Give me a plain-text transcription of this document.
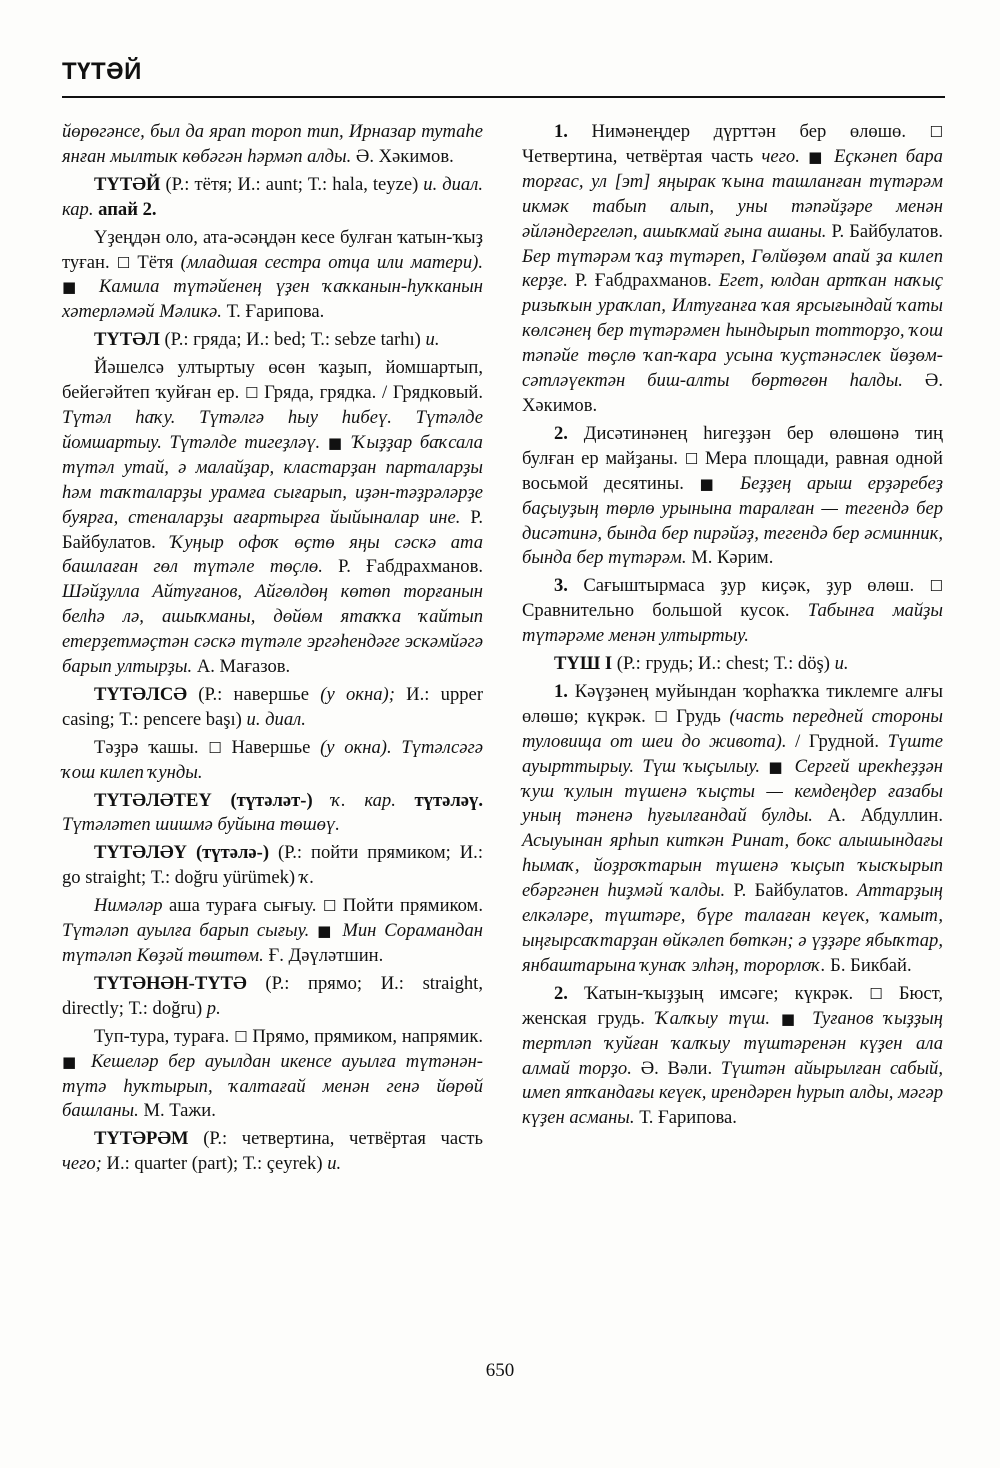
ТҮТӘЙ

йөрөгәнсе, был да ярап тороп тип, Ирназар тутаһе янған мылтык көбәгән һәрмәп алды. Ә. Хәкимов.

ТҮТӘЙ (Р.: тётя; И.: aunt; Т.: hala, teyze) и. диал. кар. апай 2.

Үҙеңдән оло, ата-әсәңдән кесе булған ҡатын-ҡыҙ туған. ☐ Тётя (младшая сестра отца или матери). ■ Камила түтәйенең үҙен ҡаҡканын-һуҡканын хәтерләмәй Мәликә. Т. Ғарипова.

ТҮТӘЛ (Р.: гряда; И.: bed; Т.: sebze tarhı) и.

Йәшелсә ултыртыу өсөн ҡаҙып, йомшартып, бейегәйтеп ҡуйған ер. ☐ Гряда, грядка. / Грядковый. Түтәл һаҡу. Түтәлгә һыу һибеү. Түтәлде йомшартыу. Түтәлде тигеҙләү. ■ Ҡыҙҙар баҡсала түтәл утай, ә малайҙар, кластарҙан парталарҙы һәм таҡталарҙы урамға сығарып, иҙән-тәҙрәләрҙе буярға, стеналарҙы ағартырға йыйыналар ине. Р. Байбулатов. Ҡуңыр офоҡ өҫтө яңы сәскә ата башлаған гөл түтәле төҫлө. Р. Ғабдрахманов. Шәйҙулла Айтуғанов, Айгөлдөң көтөп торғанын белһә лә, ашыҡманы, дөйөм ятаҡҡа ҡайтып етерҙетмәҫтән сәскә түтәле эргәһендәге эскәмйәгә барып ултырҙы. А. Мағазов.

ТҮТӘЛСӘ (Р.: навершье (у окна); И.: upper casing; Т.: pencere başı) и. диал.

Тәҙрә ҡашы. ☐ Навершье (у окна). Түтәлсәгә ҡош килеп ҡунды.

ТҮТӘЛӘТЕҮ (түтәләт-) ҡ. кар. түтәләү. Түтәләтеп шишмә буйына төшөү.

ТҮТӘЛӘҮ (түтәлә-) (Р.: пойти прямиком; И.: go straight; Т.: doğru yürümek) ҡ.

Нимәләр аша тураға сығыу. ☐ Пойти прямиком. Түтәләп ауылға барып сығыу. ■ Мин Сорамандан түтәләп Көҙәй төштөм. Ғ. Дәүләтшин.

ТҮТӘНӘН-ТҮТӘ (Р.: прямо; И.: straight, directly; Т.: doğru) р.

Туп-тура, тураға. ☐ Прямо, прямиком, напрямик. ■ Кешеләр бер ауылдан икенсе ауылға түтәнән-түтә һуҡтырып, ҡалтағай менән генә йөрөй башланы. М. Тажи.

ТҮТӘРӘМ (Р.: четвертина, четвёртая часть чего; И.: quarter (part); Т.: çeyrek) и.

1. Нимәнеңдер дүрттән бер өлөшө. ☐ Четвертина, четвёртая часть чего. ■ Еҫкәнеп бара торғас, ул [эт] яңырак ҡына ташланған түтәрәм икмәк табып алып, уны тәпәйҙәре менән әйләндергеләп, ашыҡмай ғына ашаны. Р. Байбулатов. Бер түтәрәм ҡаҙ түтәреп, Гөлйөҙөм апай ҙа килеп керҙе. Р. Ғабдрахманов. Егет, юлдан артҡан наҡыҫ ризыҡын ураҡлап, Илтуғанға ҡая ярсығындай ҡаты көлсәнең бер түтәрәмен һындырып тотторҙо, ҡош тәпәйе төҫлө ҡап-ҡара усына ҡуҫтәнәслек йөҙөм-сәтләүектән биш-алты бөртөгөн һалды. Ә. Хәкимов.

2. Дисәтинәнең һигеҙҙән бер өлөшөнә тиң булған ер майҙаны. ☐ Мера площади, равная одной восьмой десятины. ■ Беҙҙең арыш ерҙәребеҙ баҫыуҙың төрлө урынына таралған — тегендә бер дисәтинә, бында бер пирәйәҙ, тегендә бер әсминник, бында бер түтәрәм. М. Кәрим.

3. Сағыштырмаса ҙур киҫәк, ҙур өлөш. ☐ Сравнительно большой кусок. Табынға майҙы түтәрәме менән ултыртыу.

ТҮШ I (Р.: грудь; И.: chest; Т.: döş) и.

1. Кәүҙәнең муйындан ҡорһаҡҡа тиклемге алғы өлөшө; күкрәк. ☐ Грудь (часть передней стороны туловища от шеи до живота). / Грудной. Түште ауырттырыу. Түш ҡыҫылыу. ■ Сергей ирекһеҙҙән ҡуш ҡулын түшенә ҡыҫты — кемдеңдер ғазабы уның тәненә һуғылғандай булды. А. Абдуллин. Асыуынан ярһып киткән Ринат, бокс алышындағы һымаҡ, йоҙроҡтарын түшенә ҡыҫып ҡысҡырып ебәргәнен һиҙмәй ҡалды. Р. Байбулатов. Аттарҙың елкәләре, түштәре, бүре талаған кеүек, ҡамыт, ыңғырсаҡтарҙан өйкәлеп бөткән; ә үҙҙәре ябыҡтар, янбаштарына ҡунаҡ элһәң, торорлоҡ. Б. Бикбай.

2. Ҡатын-ҡыҙҙың имсәге; күкрәк. ☐ Бюст, женская грудь. Ҡалҡыу түш. ■ Туғанов ҡыҙҙың тертләп ҡуйған ҡалҡыу түштәренән күҙен ала алмай торҙо. Ә. Вәли. Түштән айырылған сабый, имеп ятҡандағы кеүек, ирендәрен һурып алды, мәгәр күҙен асманы. Т. Ғарипова.

650
